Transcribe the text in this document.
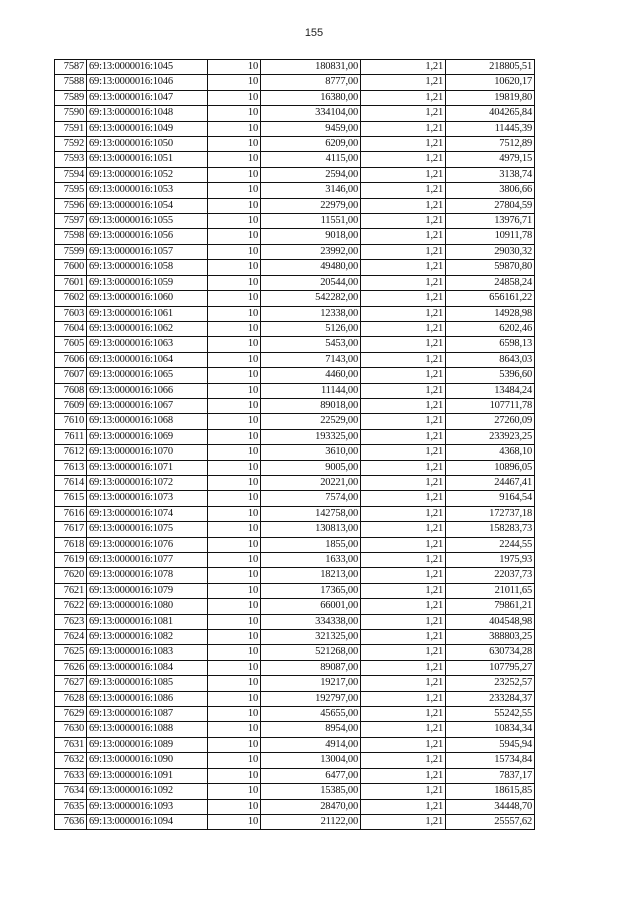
155
7587	69:13:0000016:1045	10	180831,00	1,21	218805,51
7588	69:13:0000016:1046	10	8777,00	1,21	10620,17
7589	69:13:0000016:1047	10	16380,00	1,21	19819,80
7590	69:13:0000016:1048	10	334104,00	1,21	404265,84
7591	69:13:0000016:1049	10	9459,00	1,21	11445,39
7592	69:13:0000016:1050	10	6209,00	1,21	7512,89
7593	69:13:0000016:1051	10	4115,00	1,21	4979,15
7594	69:13:0000016:1052	10	2594,00	1,21	3138,74
7595	69:13:0000016:1053	10	3146,00	1,21	3806,66
7596	69:13:0000016:1054	10	22979,00	1,21	27804,59
7597	69:13:0000016:1055	10	11551,00	1,21	13976,71
7598	69:13:0000016:1056	10	9018,00	1,21	10911,78
7599	69:13:0000016:1057	10	23992,00	1,21	29030,32
7600	69:13:0000016:1058	10	49480,00	1,21	59870,80
7601	69:13:0000016:1059	10	20544,00	1,21	24858,24
7602	69:13:0000016:1060	10	542282,00	1,21	656161,22
7603	69:13:0000016:1061	10	12338,00	1,21	14928,98
7604	69:13:0000016:1062	10	5126,00	1,21	6202,46
7605	69:13:0000016:1063	10	5453,00	1,21	6598,13
7606	69:13:0000016:1064	10	7143,00	1,21	8643,03
7607	69:13:0000016:1065	10	4460,00	1,21	5396,60
7608	69:13:0000016:1066	10	11144,00	1,21	13484,24
7609	69:13:0000016:1067	10	89018,00	1,21	107711,78
7610	69:13:0000016:1068	10	22529,00	1,21	27260,09
7611	69:13:0000016:1069	10	193325,00	1,21	233923,25
7612	69:13:0000016:1070	10	3610,00	1,21	4368,10
7613	69:13:0000016:1071	10	9005,00	1,21	10896,05
7614	69:13:0000016:1072	10	20221,00	1,21	24467,41
7615	69:13:0000016:1073	10	7574,00	1,21	9164,54
7616	69:13:0000016:1074	10	142758,00	1,21	172737,18
7617	69:13:0000016:1075	10	130813,00	1,21	158283,73
7618	69:13:0000016:1076	10	1855,00	1,21	2244,55
7619	69:13:0000016:1077	10	1633,00	1,21	1975,93
7620	69:13:0000016:1078	10	18213,00	1,21	22037,73
7621	69:13:0000016:1079	10	17365,00	1,21	21011,65
7622	69:13:0000016:1080	10	66001,00	1,21	79861,21
7623	69:13:0000016:1081	10	334338,00	1,21	404548,98
7624	69:13:0000016:1082	10	321325,00	1,21	388803,25
7625	69:13:0000016:1083	10	521268,00	1,21	630734,28
7626	69:13:0000016:1084	10	89087,00	1,21	107795,27
7627	69:13:0000016:1085	10	19217,00	1,21	23252,57
7628	69:13:0000016:1086	10	192797,00	1,21	233284,37
7629	69:13:0000016:1087	10	45655,00	1,21	55242,55
7630	69:13:0000016:1088	10	8954,00	1,21	10834,34
7631	69:13:0000016:1089	10	4914,00	1,21	5945,94
7632	69:13:0000016:1090	10	13004,00	1,21	15734,84
7633	69:13:0000016:1091	10	6477,00	1,21	7837,17
7634	69:13:0000016:1092	10	15385,00	1,21	18615,85
7635	69:13:0000016:1093	10	28470,00	1,21	34448,70
7636	69:13:0000016:1094	10	21122,00	1,21	25557,62
